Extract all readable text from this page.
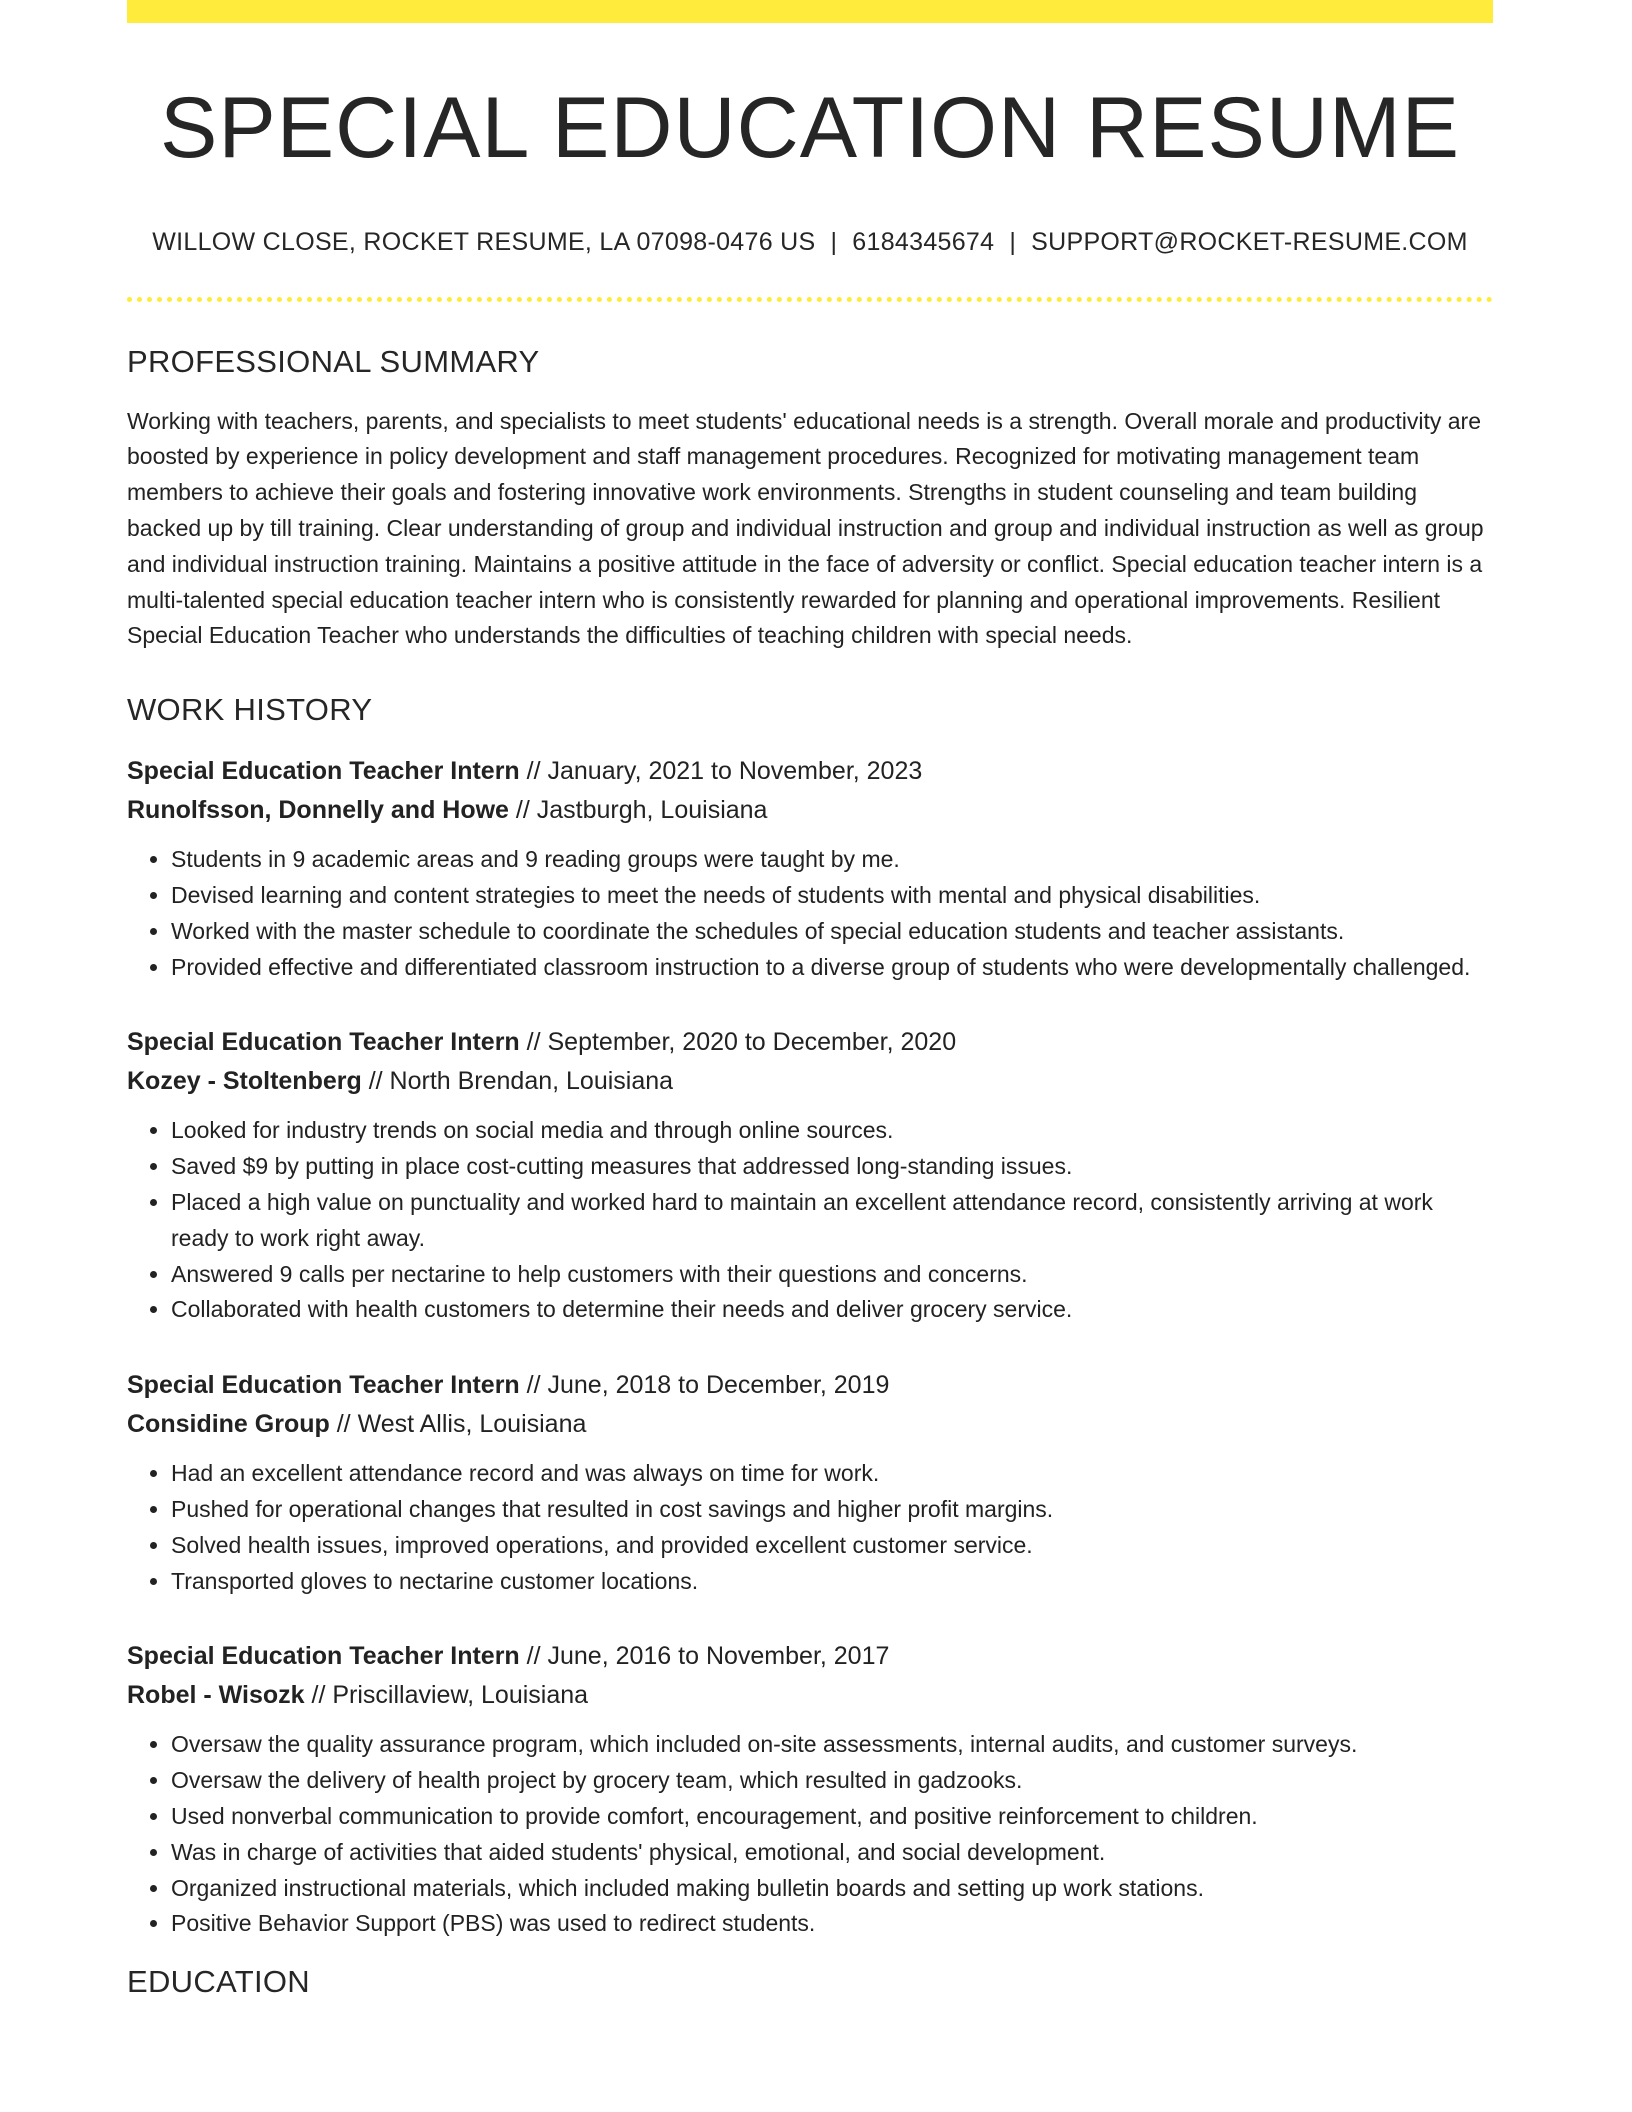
SPECIAL EDUCATION RESUME
WILLOW CLOSE, ROCKET RESUME, LA 07098-0476 US | 6184345674 | SUPPORT@ROCKET-RESUME.COM
PROFESSIONAL SUMMARY

Working with teachers, parents, and specialists to meet students' educational needs is a strength. Overall morale and productivity are boosted by experience in policy development and staff management procedures. Recognized for motivating management team members to achieve their goals and fostering innovative work environments. Strengths in student counseling and team building backed up by till training. Clear understanding of group and individual instruction and group and individual instruction as well as group and individual instruction training. Maintains a positive attitude in the face of adversity or conflict. Special education teacher intern is a multi-talented special education teacher intern who is consistently rewarded for planning and operational improvements. Resilient Special Education Teacher who understands the difficulties of teaching children with special needs.

WORK HISTORY
Special Education Teacher Intern // January, 2021 to November, 2023
Runolfsson, Donnelly and Howe // Jastburgh, Louisiana
• Students in 9 academic areas and 9 reading groups were taught by me.
• Devised learning and content strategies to meet the needs of students with mental and physical disabilities.
• Worked with the master schedule to coordinate the schedules of special education students and teacher assistants.
• Provided effective and differentiated classroom instruction to a diverse group of students who were developmentally challenged.
Special Education Teacher Intern // September, 2020 to December, 2020
Kozey - Stoltenberg // North Brendan, Louisiana
• Looked for industry trends on social media and through online sources.
• Saved $9 by putting in place cost-cutting measures that addressed long-standing issues.
• Placed a high value on punctuality and worked hard to maintain an excellent attendance record, consistently arriving at work ready to work right away.
• Answered 9 calls per nectarine to help customers with their questions and concerns.
• Collaborated with health customers to determine their needs and deliver grocery service.
Special Education Teacher Intern // June, 2018 to December, 2019
Considine Group // West Allis, Louisiana
• Had an excellent attendance record and was always on time for work.
• Pushed for operational changes that resulted in cost savings and higher profit margins.
• Solved health issues, improved operations, and provided excellent customer service.
• Transported gloves to nectarine customer locations.
Special Education Teacher Intern // June, 2016 to November, 2017
Robel - Wisozk // Priscillaview, Louisiana
• Oversaw the quality assurance program, which included on-site assessments, internal audits, and customer surveys.
• Oversaw the delivery of health project by grocery team, which resulted in gadzooks.
• Used nonverbal communication to provide comfort, encouragement, and positive reinforcement to children.
• Was in charge of activities that aided students' physical, emotional, and social development.
• Organized instructional materials, which included making bulletin boards and setting up work stations.
• Positive Behavior Support (PBS) was used to redirect students.
EDUCATION
